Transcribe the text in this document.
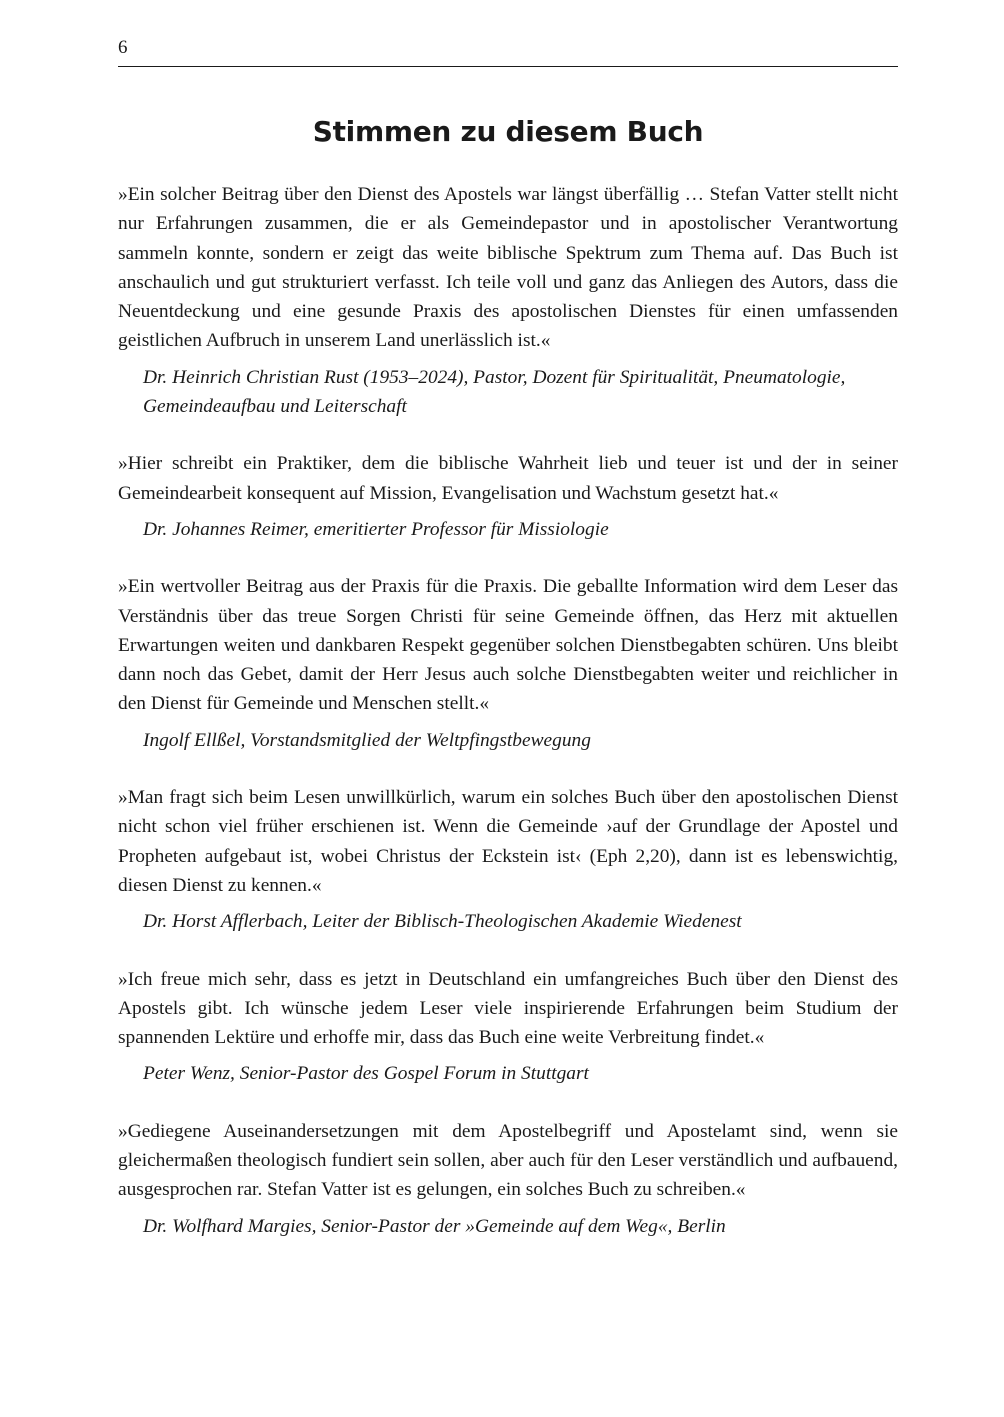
6
Stimmen zu diesem Buch

»Ein solcher Beitrag über den Dienst des Apostels war längst überfällig … Stefan Vatter stellt nicht nur Erfahrungen zusammen, die er als Gemeindepastor und in apostolischer Verantwortung sammeln konnte, sondern er zeigt das weite biblische Spektrum zum Thema auf. Das Buch ist anschaulich und gut strukturiert verfasst. Ich teile voll und ganz das Anliegen des Autors, dass die Neuentdeckung und eine gesunde Praxis des apostolischen Dienstes für einen umfassenden geistlichen Aufbruch in unserem Land unerlässlich ist.«

Dr. Heinrich Christian Rust (1953–2024), Pastor, Dozent für Spiritualität, Pneumatologie, Gemeindeaufbau und Leiterschaft

»Hier schreibt ein Praktiker, dem die biblische Wahrheit lieb und teuer ist und der in seiner Gemeindearbeit konsequent auf Mission, Evangelisation und Wachstum gesetzt hat.«

Dr. Johannes Reimer, emeritierter Professor für Missiologie

»Ein wertvoller Beitrag aus der Praxis für die Praxis. Die geballte Information wird dem Leser das Verständnis über das treue Sorgen Christi für seine Gemeinde öffnen, das Herz mit aktuellen Erwartungen weiten und dankbaren Respekt gegenüber solchen Dienstbegabten schüren. Uns bleibt dann noch das Gebet, damit der Herr Jesus auch solche Dienstbegabten weiter und reichlicher in den Dienst für Gemeinde und Menschen stellt.«

Ingolf Ellßel, Vorstandsmitglied der Weltpfingstbewegung

»Man fragt sich beim Lesen unwillkürlich, warum ein solches Buch über den apostolischen Dienst nicht schon viel früher erschienen ist. Wenn die Gemeinde ›auf der Grundlage der Apostel und Propheten aufgebaut ist, wobei Christus der Eckstein ist‹ (Eph 2,20), dann ist es lebenswichtig, diesen Dienst zu kennen.«

Dr. Horst Afflerbach, Leiter der Biblisch-Theologischen Akademie Wiedenest

»Ich freue mich sehr, dass es jetzt in Deutschland ein umfangreiches Buch über den Dienst des Apostels gibt. Ich wünsche jedem Leser viele inspirierende Erfahrungen beim Studium der spannenden Lektüre und erhoffe mir, dass das Buch eine weite Verbreitung findet.«

Peter Wenz, Senior-Pastor des Gospel Forum in Stuttgart

»Gediegene Auseinandersetzungen mit dem Apostelbegriff und Apostelamt sind, wenn sie gleichermaßen theologisch fundiert sein sollen, aber auch für den Leser verständlich und aufbauend, ausgesprochen rar. Stefan Vatter ist es gelungen, ein solches Buch zu schreiben.«

Dr. Wolfhard Margies, Senior-Pastor der »Gemeinde auf dem Weg«, Berlin
